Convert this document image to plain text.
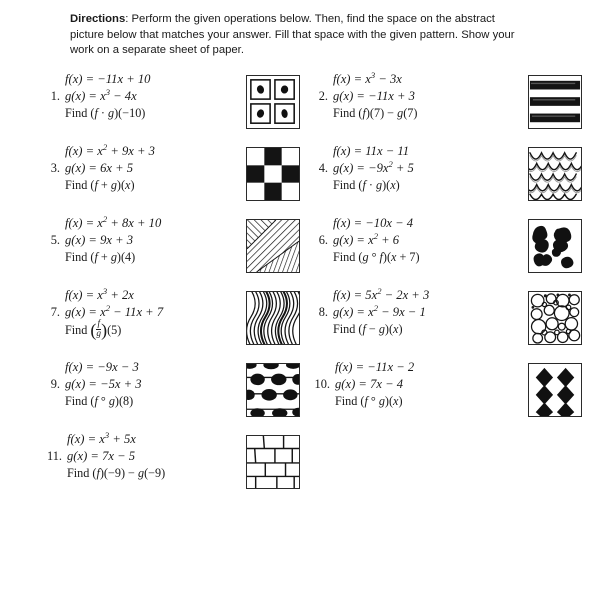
Directions: Perform the given operations below. Then, find the space on the abstract picture below that matches your answer. Fill that space with the given pattern. Show your work on a separate sheet of paper.
1.
f(x) = −11x + 10
$g(x) = x^3 - 4x$
Find (f · g)(−10)
2.
$f(x) = x^3 - 3x$
g(x) = −11x + 3
Find (f)(7) − g(7)
3.
$f(x) = x^2 + 9x + 3$
g(x) = 6x + 5
Find (f + g)(x)
4.
f(x) = 11x − 11
$g(x) = -9x^2 + 5$
Find (f · g)(x)
5.
$f(x) = x^2 + 8x + 10$
g(x) = 9x + 3
Find (f + g)(4)
6.
f(x) = −10x − 4
$g(x) = x^2 + 6$
Find (g ° f)(x + 7)
7.
$f(x) = x^3 + 2x$
$g(x) = x^2 - 11x + 7$
Find $(\frac{f}{g} )(5)$
8.
$f(x) = 5x^2 - 2x + 3$
$g(x) = x^2 - 9x - 1$
Find (f − g)(x)
9.
f(x) = −9x − 3
g(x) = −5x + 3
Find (f ° g)(8)
10.
f(x) = −11x − 2
g(x) = 7x − 4
Find (f ° g)(x)
11.
$f(x) = x^3 + 5x$
g(x) = 7x − 5
Find (f)(−9) − g(−9)
